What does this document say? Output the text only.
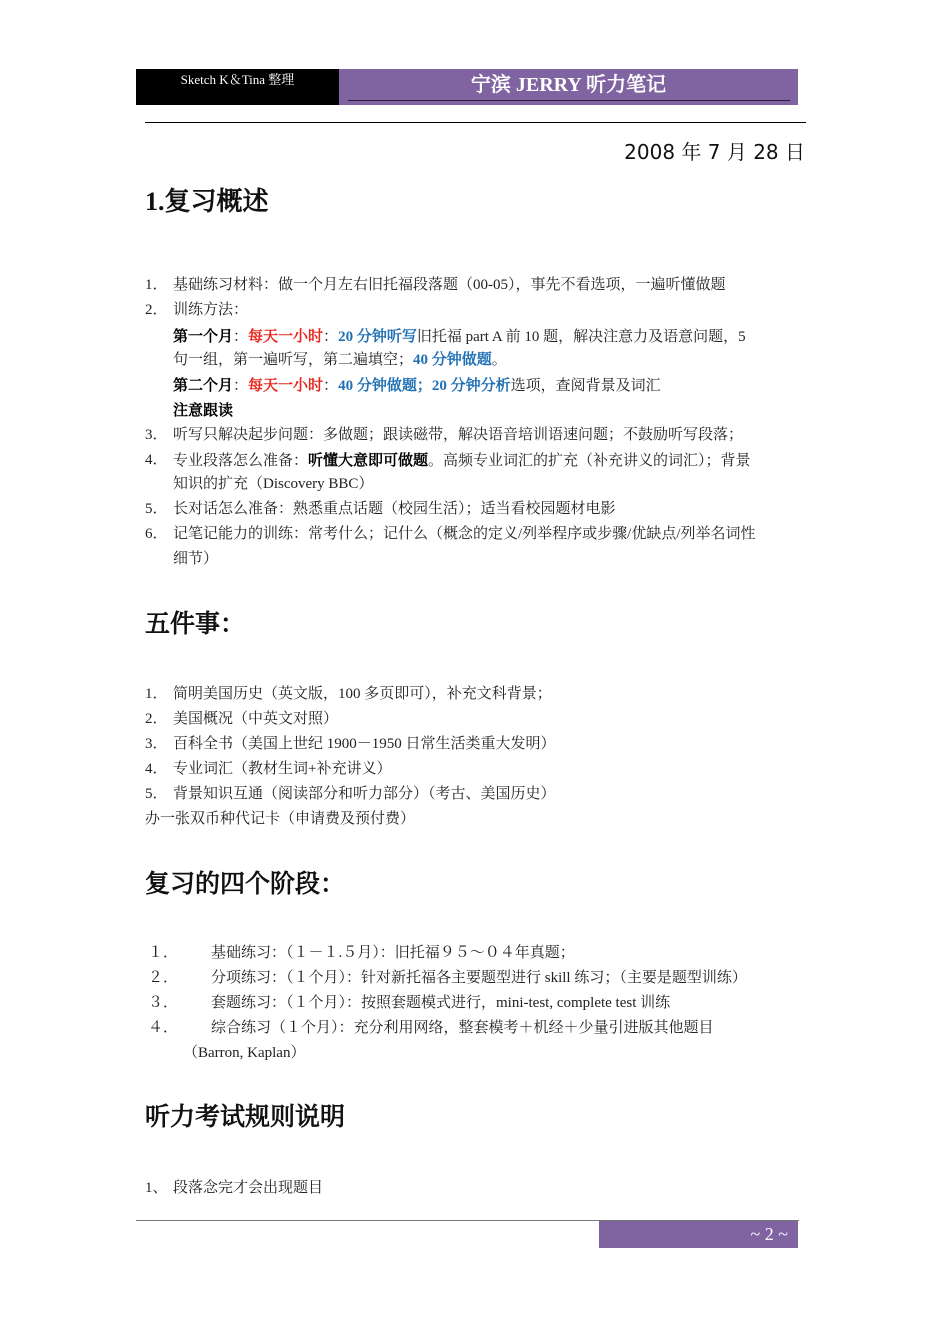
Sketch K＆Tina 整理	宁滨 JERRY 听力笔记
2008 年 7 月 28 日
1.复习概述
1． 基础练习材料：做一个月左右旧托福段落题（00-05），事先不看选项，一遍听懂做题
2． 训练方法：
第一个月：每天一小时：20 分钟听写旧托福 part A 前 10 题，解决注意力及语意问题，5
句一组，第一遍听写，第二遍填空；40 分钟做题。
第二个月：每天一小时：40 分钟做题；20 分钟分析选项，查阅背景及词汇
注意跟读
3． 听写只解决起步问题：多做题；跟读磁带，解决语音培训语速问题；不鼓励听写段落；
4． 专业段落怎么准备：听懂大意即可做题。高频专业词汇的扩充（补充讲义的词汇）；背景
知识的扩充（Discovery BBC）
5． 长对话怎么准备：熟悉重点话题（校园生活）；适当看校园题材电影
6． 记笔记能力的训练：常考什么；记什么（概念的定义/列举程序或步骤/优缺点/列举名词性
细节）
五件事：
1． 简明美国历史（英文版，100 多页即可），补充文科背景；
2． 美国概况（中英文对照）
3． 百科全书（美国上世纪 1900－1950 日常生活类重大发明）
4． 专业词汇（教材生词+补充讲义）
5． 背景知识互通（阅读部分和听力部分）（考古、美国历史）
办一张双币种代记卡（申请费及预付费）
复习的四个阶段：
１． 基础练习：（１－１.５月）：旧托福９５～０４年真题；
２． 分项练习：（１个月）：针对新托福各主要题型进行 skill 练习；（主要是题型训练）
３． 套题练习：（１个月）：按照套题模式进行，mini-test, complete test 训练
４． 综合练习（１个月）：充分利用网络，整套模考＋机经＋少量引进版其他题目
（Barron, Kaplan）
听力考试规则说明
1、 段落念完才会出现题目
~ 2 ~
